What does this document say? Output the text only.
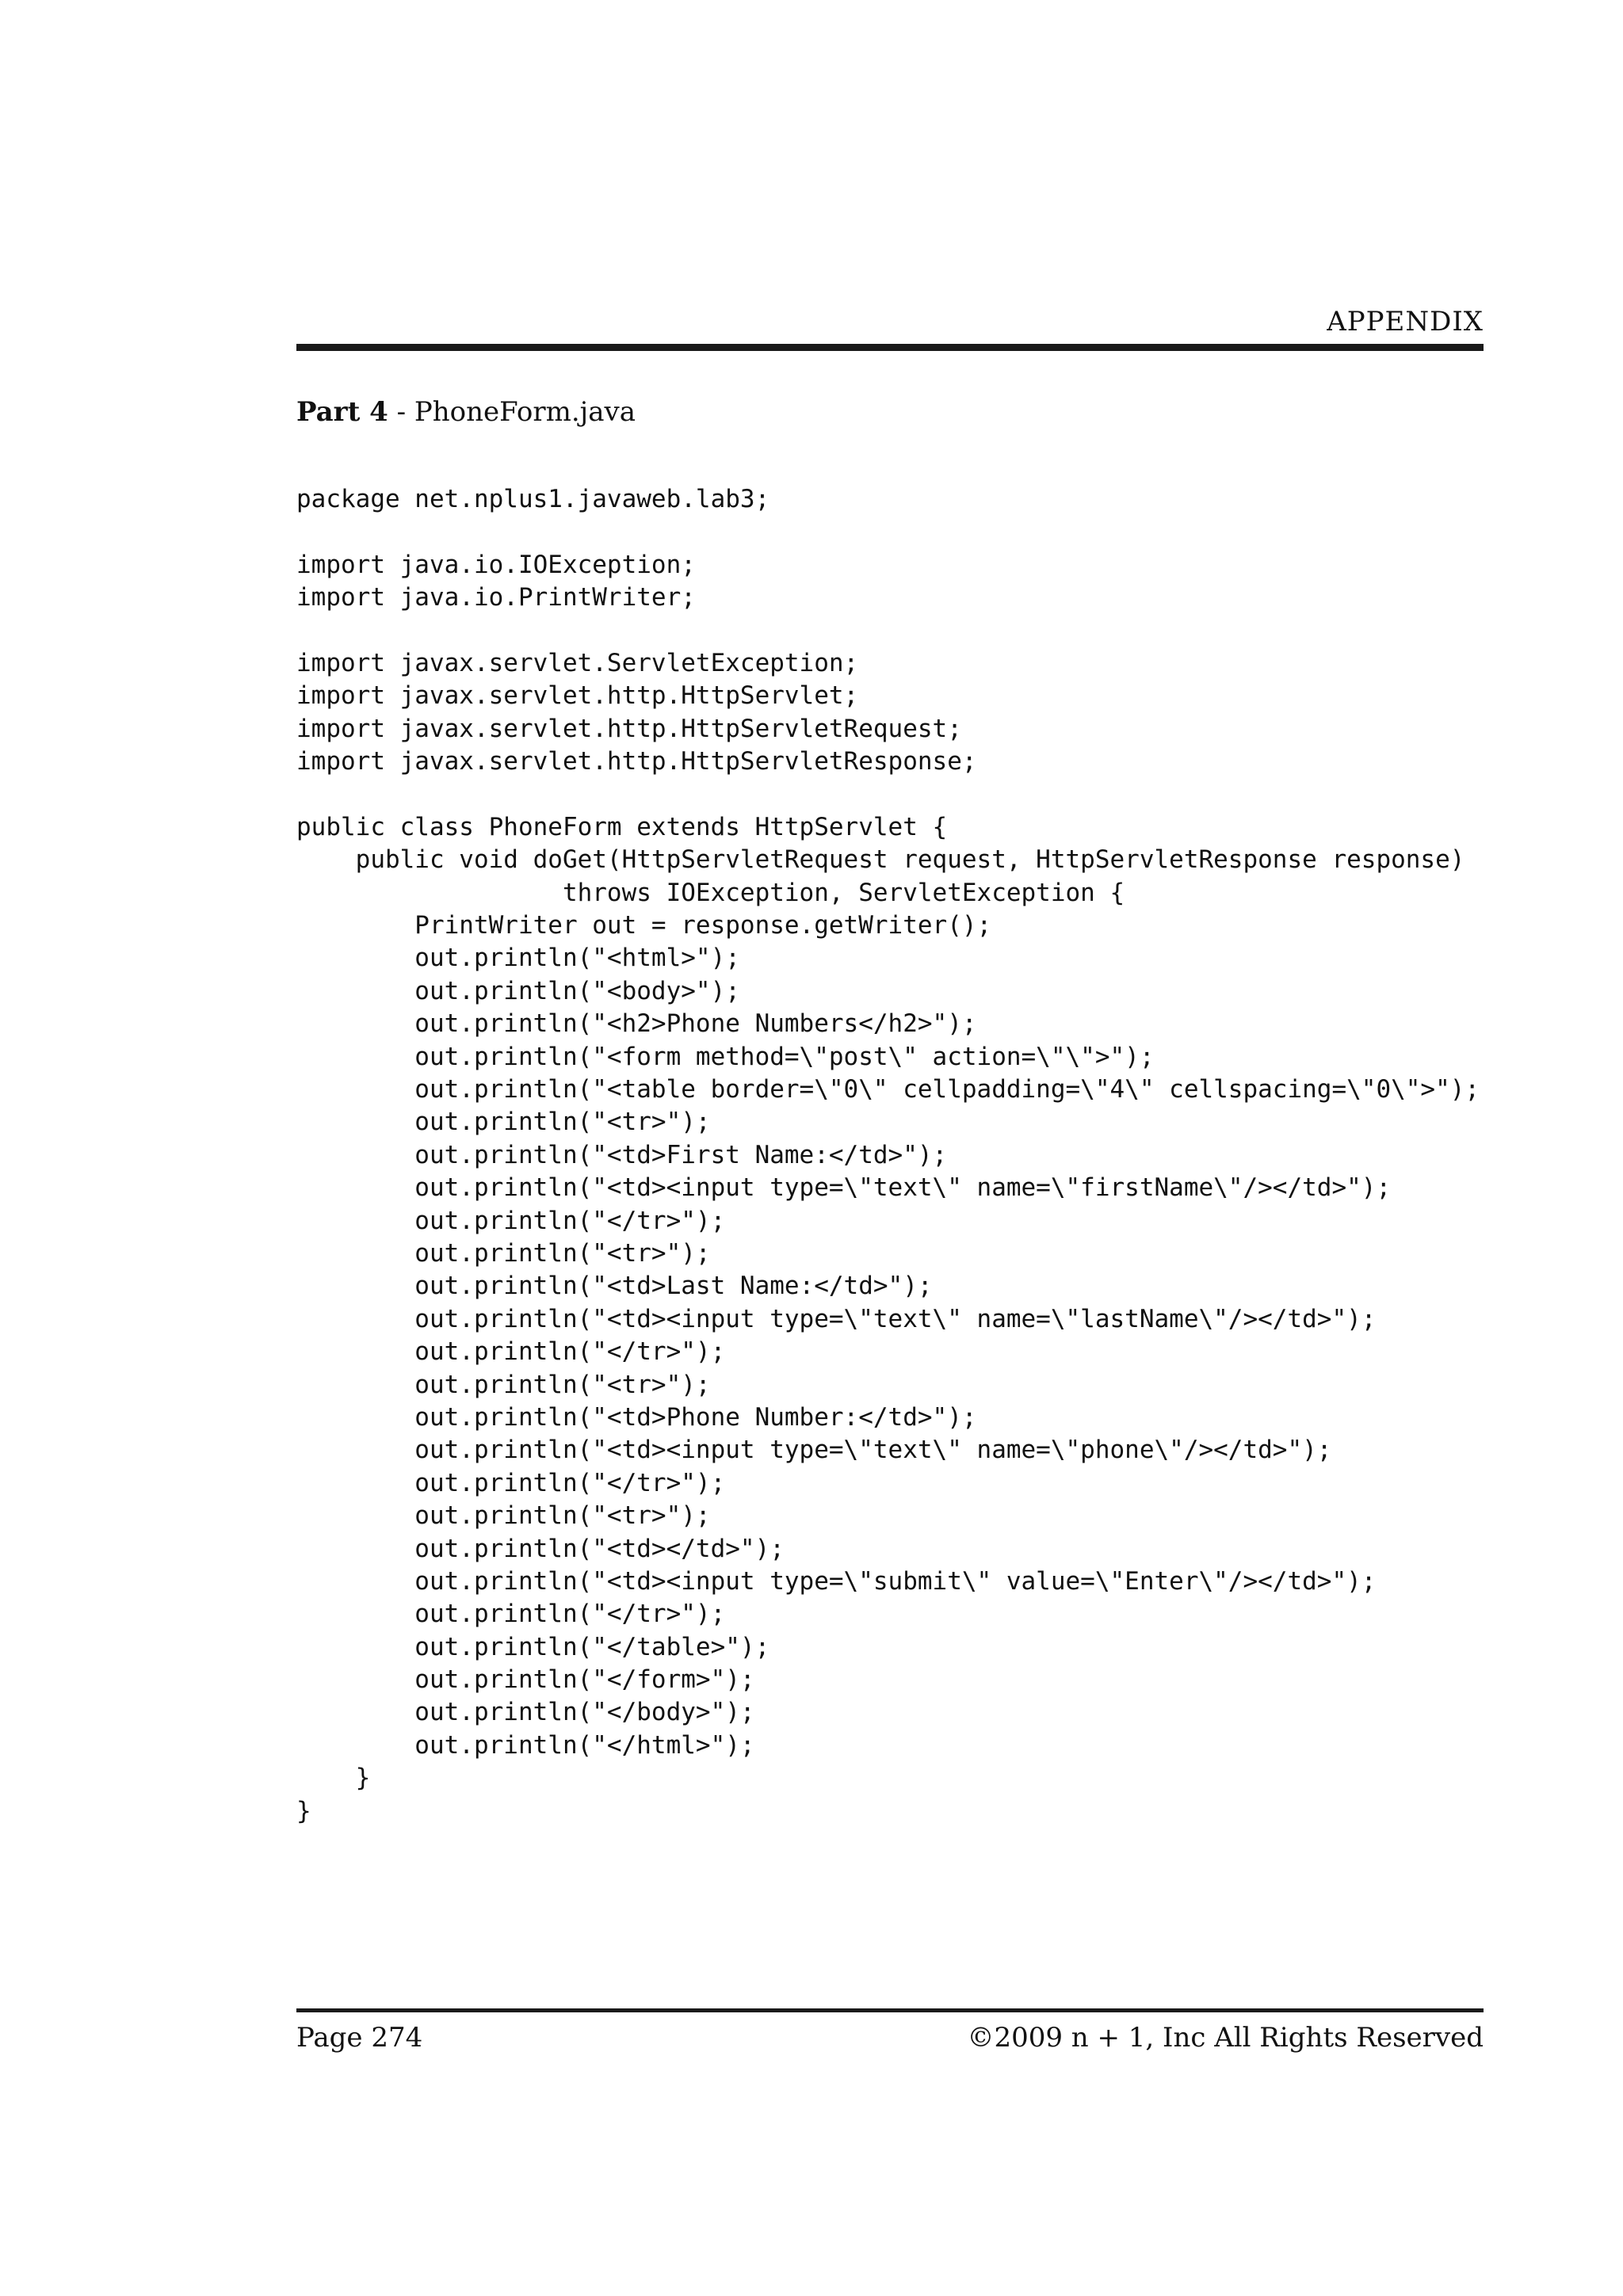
APPENDIX
Part 4 - PhoneForm.java
package net.nplus1.javaweb.lab3;
import java.io.IOException;
import java.io.PrintWriter;
import javax.servlet.ServletException;
import javax.servlet.http.HttpServlet;
import javax.servlet.http.HttpServletRequest;
import javax.servlet.http.HttpServletResponse;
public class PhoneForm extends HttpServlet {
public void doGet(HttpServletRequest request, HttpServletResponse response)
throws IOException, ServletException {
PrintWriter out = response.getWriter();
out.println("<html>");
out.println("<body>");
out.println("<h2>Phone Numbers</h2>");
out.println("<form method=\"post\" action=\"\">");
out.println("<table border=\"0\" cellpadding=\"4\" cellspacing=\"0\">");
out.println("<tr>");
out.println("<td>First Name:</td>");
out.println("<td><input type=\"text\" name=\"firstName\"/></td>");
out.println("</tr>");
out.println("<tr>");
out.println("<td>Last Name:</td>");
out.println("<td><input type=\"text\" name=\"lastName\"/></td>");
out.println("</tr>");
out.println("<tr>");
out.println("<td>Phone Number:</td>");
out.println("<td><input type=\"text\" name=\"phone\"/></td>");
out.println("</tr>");
out.println("<tr>");
out.println("<td></td>");
out.println("<td><input type=\"submit\" value=\"Enter\"/></td>");
out.println("</tr>");
out.println("</table>");
out.println("</form>");
out.println("</body>");
out.println("</html>");
}
}
Page 274	©2009 n + 1, Inc All Rights Reserved
